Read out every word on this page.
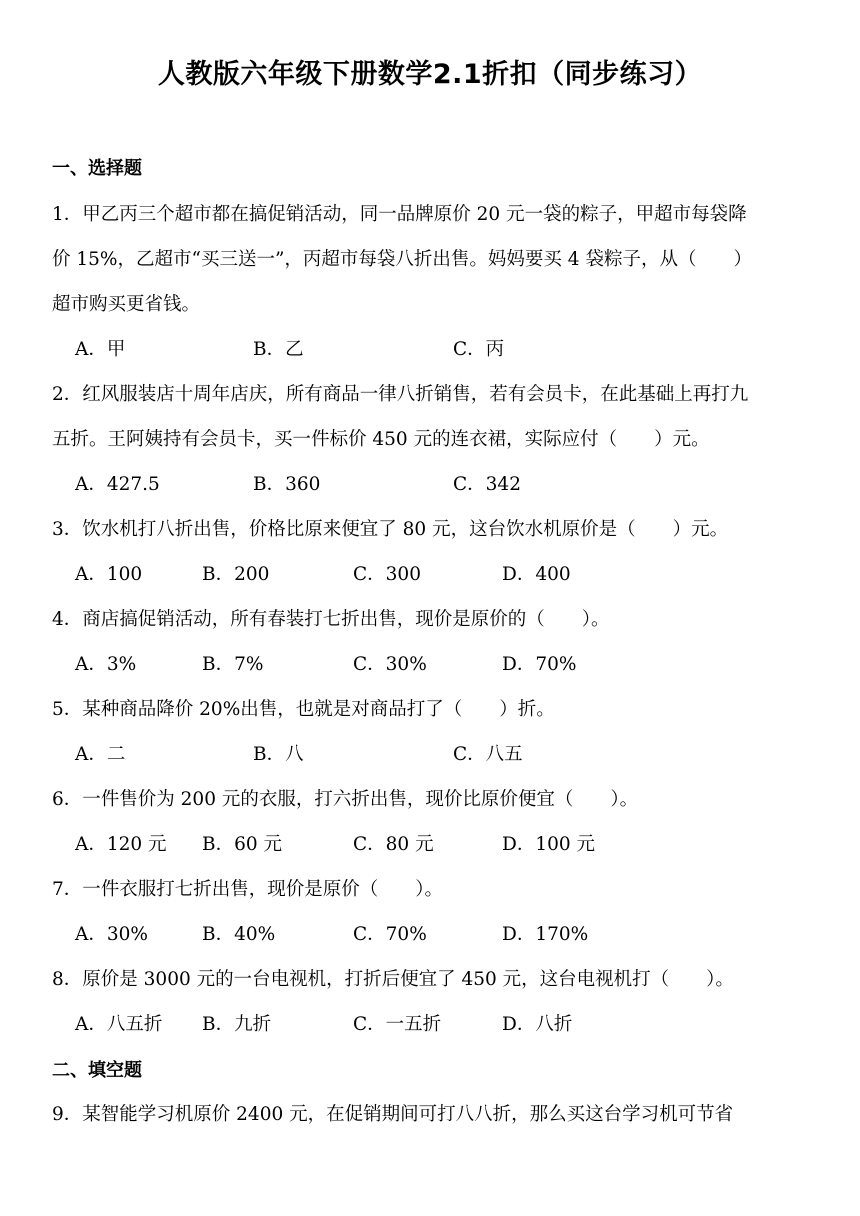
人教版六年级下册数学2.1折扣（同步练习）
一、选择题
1．甲乙丙三个超市都在搞促销活动，同一品牌原价 20 元一袋的粽子，甲超市每袋降
价 15%，乙超市“买三送一”，丙超市每袋八折出售。妈妈要买 4 袋粽子，从（　　）
超市购买更省钱。
A．甲	B．乙	C．丙
2．红风服装店十周年店庆，所有商品一律八折销售，若有会员卡，在此基础上再打九
五折。王阿姨持有会员卡，买一件标价 450 元的连衣裙，实际应付（　　）元。
A．427.5	B．360	C．342
3．饮水机打八折出售，价格比原来便宜了 80 元，这台饮水机原价是（　　）元。
A．100	B．200	C．300	D．400
4．商店搞促销活动，所有春装打七折出售，现价是原价的（　　）。
A．3%	B．7%	C．30%	D．70%
5．某种商品降价 20%出售，也就是对商品打了（　　）折。
A．二	B．八	C．八五
6．一件售价为 200 元的衣服，打六折出售，现价比原价便宜（　　）。
A．120 元 B．60 元	C．80 元	D．100 元
7．一件衣服打七折出售，现价是原价（　　）。
A．30%	B．40%	C．70%	D．170%
8．原价是 3000 元的一台电视机，打折后便宜了 450 元，这台电视机打（　　）。
A．八五折 B．九折	C．一五折	D．八折
二、填空题
9．某智能学习机原价 2400 元，在促销期间可打八八折，那么买这台学习机可节省
